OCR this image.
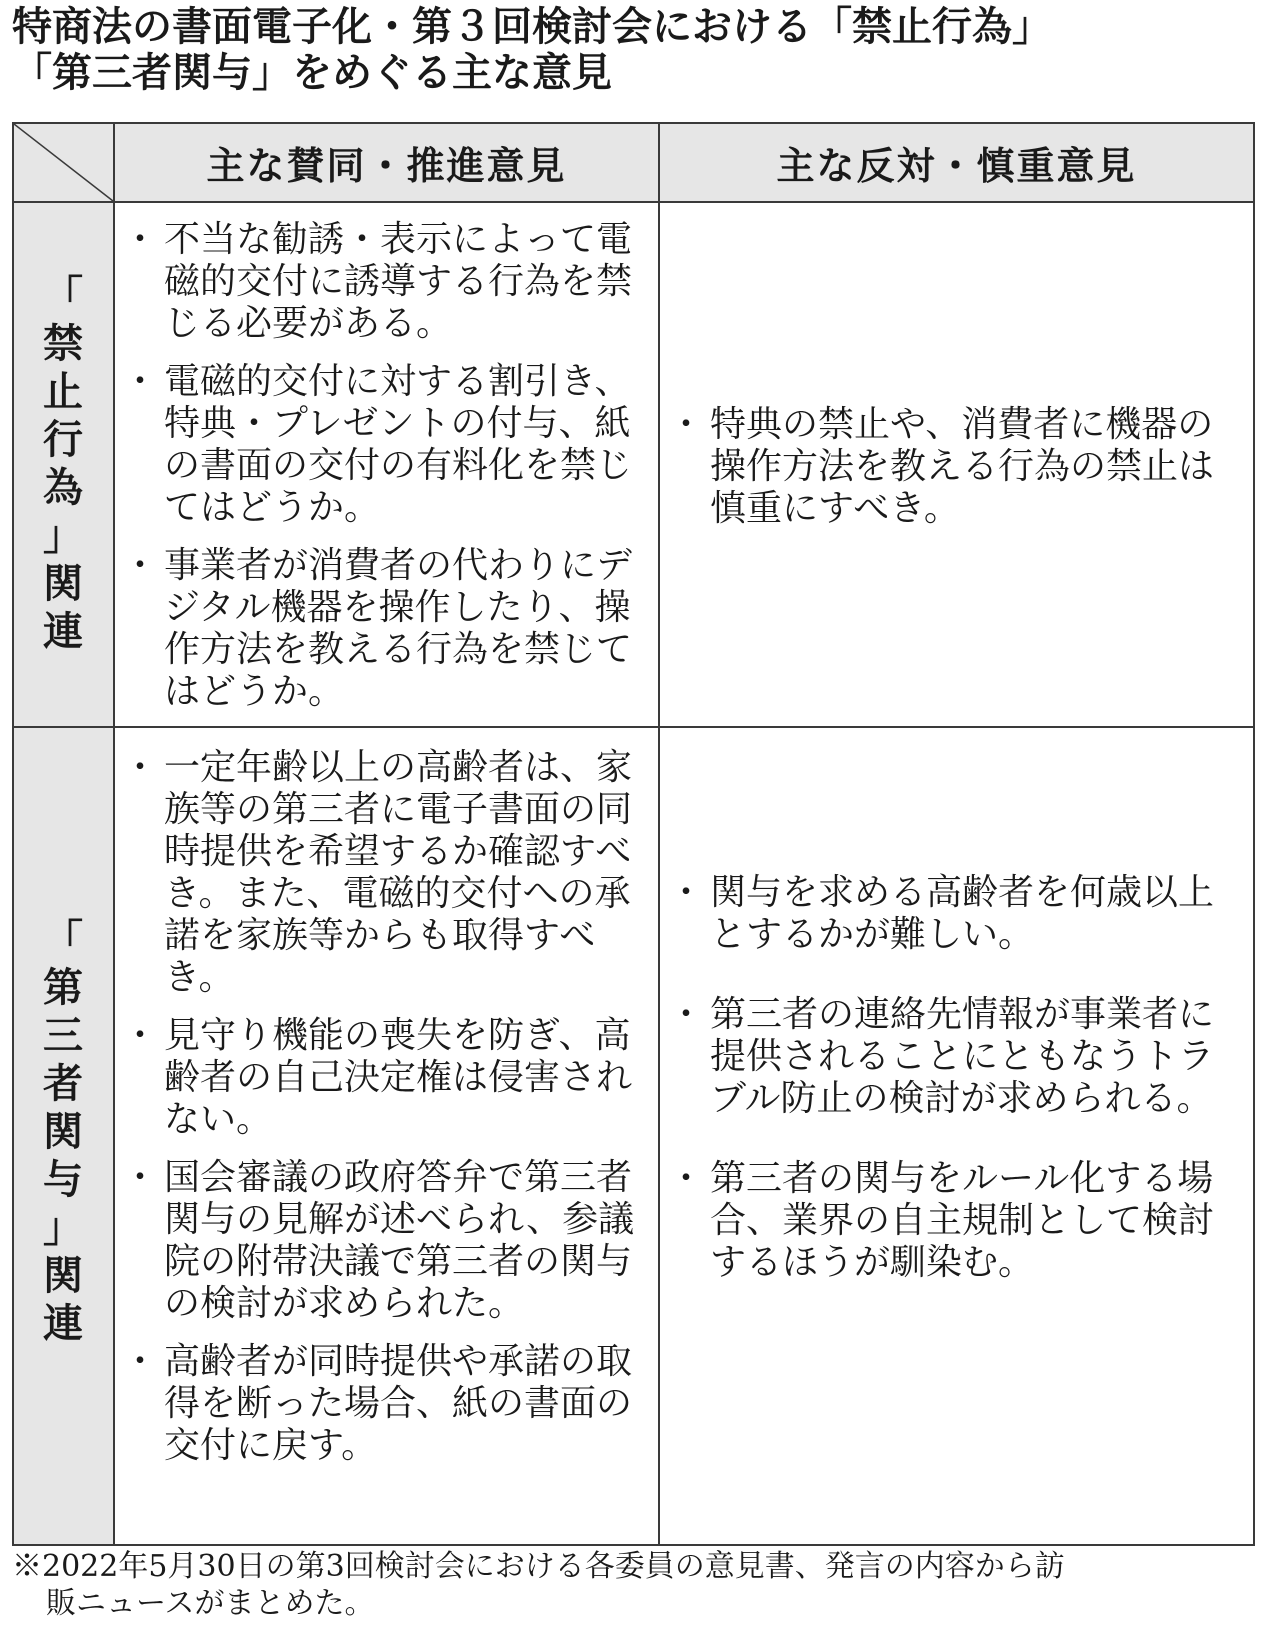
特商法の書面電子化・第３回検討会における「禁止行為」
「第三者関与」をめぐる主な意見
主な賛同・推進意見	主な反対・慎重意見
「
禁
止
行
為
」
関
連
・ 不当な勧誘・表示によって電磁的交付に誘導する行為を禁じる必要がある。
・ 電磁的交付に対する割引き、特典・プレゼントの付与、紙の書面の交付の有料化を禁じてはどうか。
・ 事業者が消費者の代わりにデジタル機器を操作したり、操作方法を教える行為を禁じてはどうか。
・ 特典の禁止や、消費者に機器の操作方法を教える行為の禁止は慎重にすべき。
「
第
三
者
関
与
」
関
連
・ 一定年齢以上の高齢者は、家族等の第三者に電子書面の同時提供を希望するか確認すべき。また、電磁的交付への承諾を家族等からも取得すべき。
・ 見守り機能の喪失を防ぎ、高齢者の自己決定権は侵害されない。
・ 国会審議の政府答弁で第三者関与の見解が述べられ、参議院の附帯決議で第三者の関与の検討が求められた。
・ 高齢者が同時提供や承諾の取得を断った場合、紙の書面の交付に戻す。
・ 関与を求める高齢者を何歳以上とするかが難しい。
・ 第三者の連絡先情報が事業者に提供されることにともなうトラブル防止の検討が求められる。
・ 第三者の関与をルール化する場合、業界の自主規制として検討するほうが馴染む。
※2022年5月30日の第3回検討会における各委員の意見書、発言の内容から訪
販ニュースがまとめた。
